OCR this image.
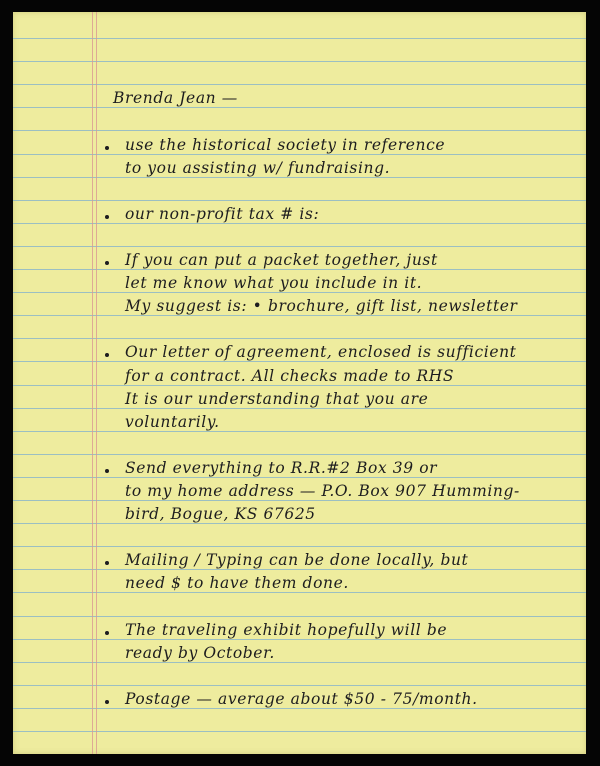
Brenda Jean —

use the historical society in reference

to you assisting w/ fundraising.

our non-profit tax # is:

If you can put a packet together, just

let me know what you include in it.

My suggest is: • brochure, gift list, newsletter

Our letter of agreement, enclosed is sufficient

for a contract. All checks made to RHS

It is our understanding that you are

voluntarily.

Send everything to R.R.#2 Box 39 or

to my home address — P.O. Box 907 Humming-

bird, Bogue, KS 67625

Mailing / Typing can be done locally, but

need $ to have them done.

The traveling exhibit hopefully will be

ready by October.

Postage — average about $50 - 75/month.
